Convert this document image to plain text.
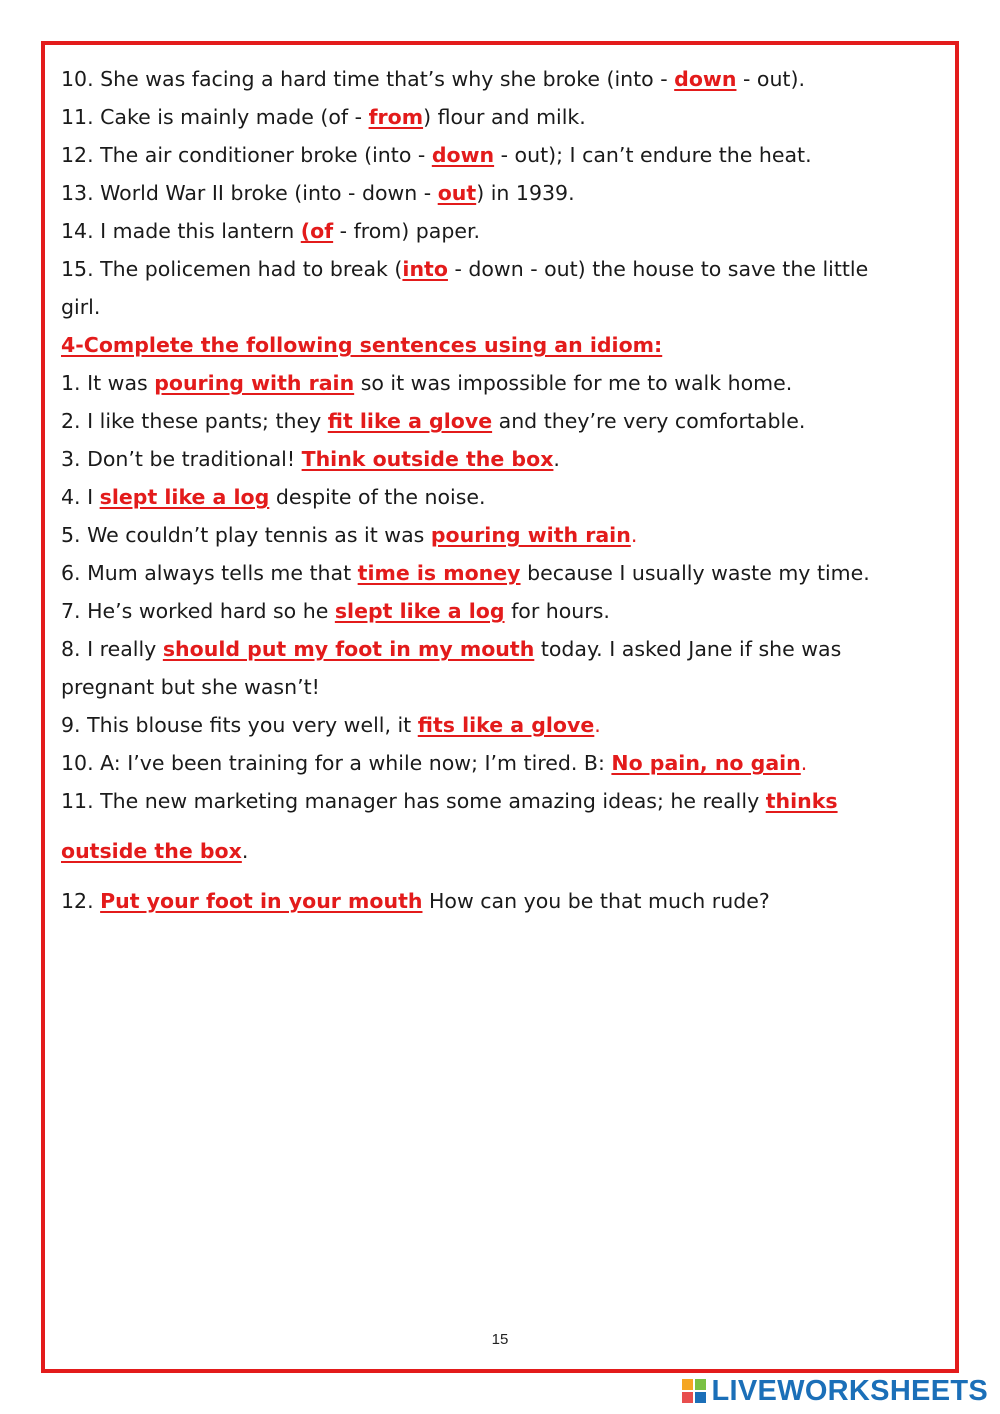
10. She was facing a hard time that’s why she broke (into - down - out).
11. Cake is mainly made (of - from) flour and milk.
12. The air conditioner broke (into - down - out); I can’t endure the heat.
13. World War II broke (into - down - out) in 1939.
14. I made this lantern (of - from) paper.
15. The policemen had to break (into - down - out) the house to save the little
girl.
4-Complete the following sentences using an idiom:
1. It was pouring with rain so it was impossible for me to walk home.
2. I like these pants; they fit like a glove and they’re very comfortable.
3. Don’t be traditional! Think outside the box.
4. I slept like a log despite of the noise.
5. We couldn’t play tennis as it was pouring with rain.
6. Mum always tells me that time is money because I usually waste my time.
7. He’s worked hard so he slept like a log for hours.
8. I really should put my foot in my mouth today. I asked Jane if she was
pregnant but she wasn’t!
9. This blouse fits you very well, it fits like a glove.
10. A: I’ve been training for a while now; I’m tired. B: No pain, no gain.
11. The new marketing manager has some amazing ideas; he really thinks
outside the box.
12. Put your foot in your mouth How can you be that much rude?
15
LIVEWORKSHEETS
